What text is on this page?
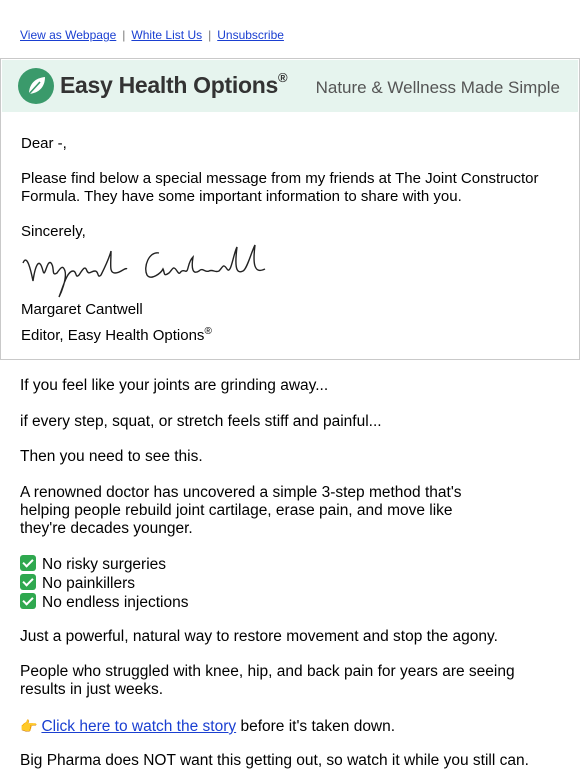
View as Webpage | White List Us | Unsubscribe
Easy Health Options®
Nature & Wellness Made Simple

Dear -,

Please find below a special message from my friends at The Joint Constructor Formula. They have some important information to share with you.

Sincerely,

Margaret Cantwell
Editor, Easy Health Options®

If you feel like your joints are grinding away...

if every step, squat, or stretch feels stiff and painful...

Then you need to see this.

A renowned doctor has uncovered a simple 3-step method that's
helping people rebuild joint cartilage, erase pain, and move like
they're decades younger.

No risky surgeries
No painkillers
No endless injections

Just a powerful, natural way to restore movement and stop the agony.

People who struggled with knee, hip, and back pain for years are seeing
results in just weeks.

👉 Click here to watch the story before it's taken down.

Big Pharma does NOT want this getting out, so watch it while you still can.
